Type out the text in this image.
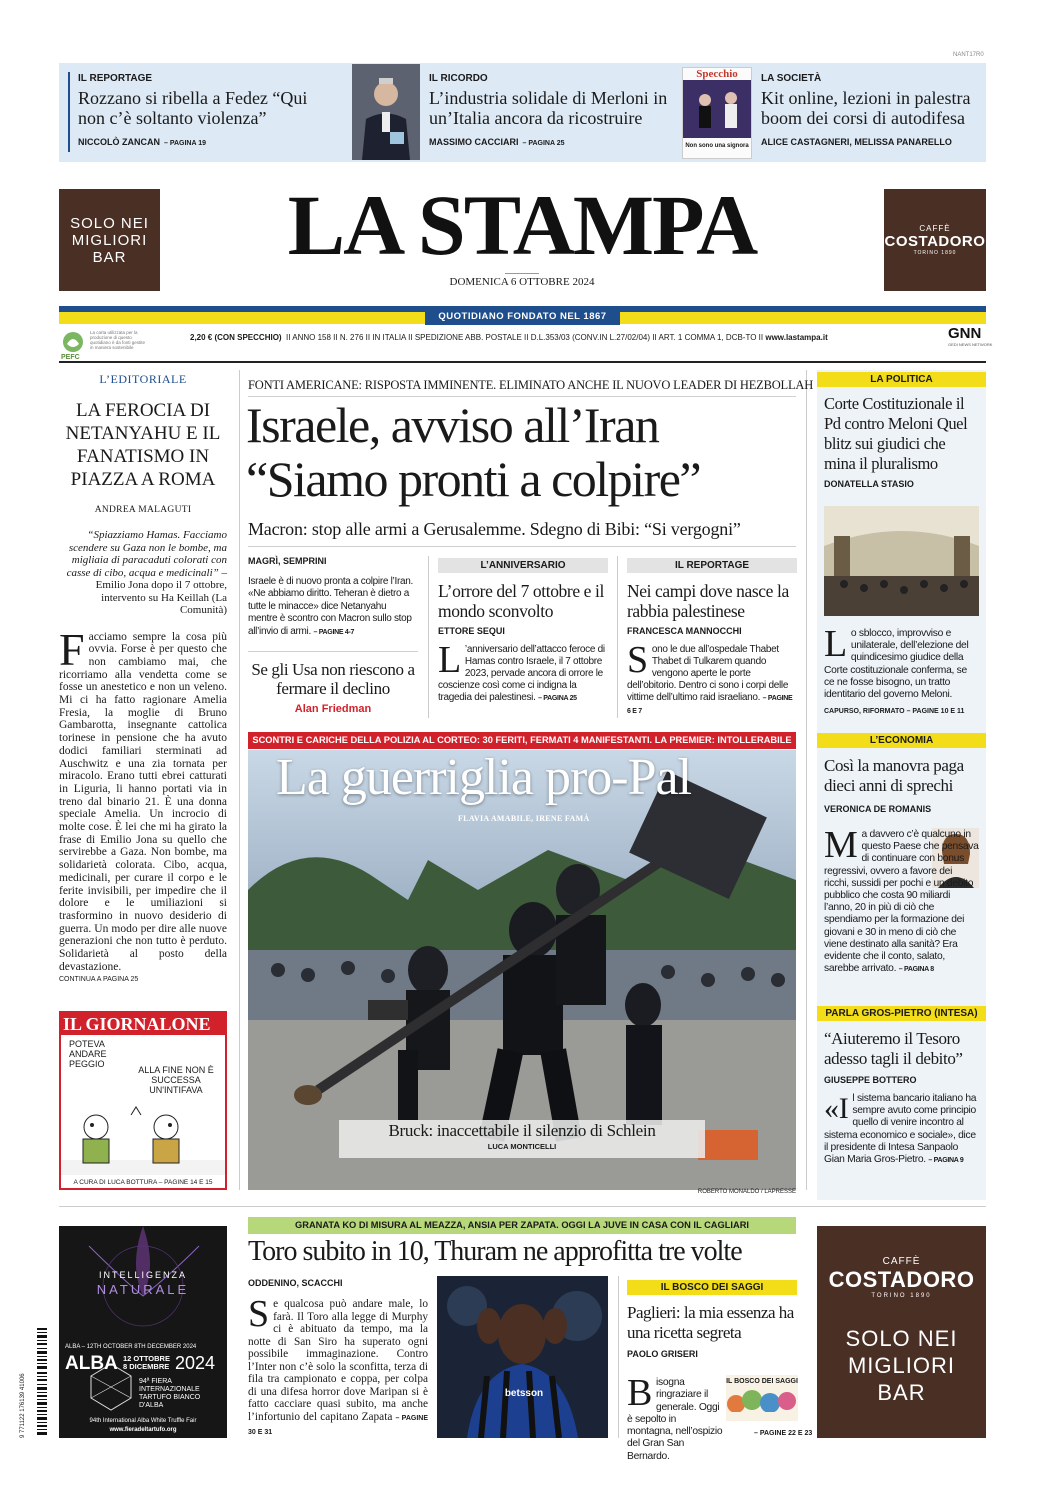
NANT17R0
IL REPORTAGE
Rozzano si ribella a Fedez “Qui non c’è soltanto violenza”
NICCOLÒ ZANCAN – PAGINA 19
IL RICORDO
L’industria solidale di Merloni in un’Italia ancora da ricostruire
MASSIMO CACCIARI – PAGINA 25
Specchio
Non sono una signora
LA SOCIETÀ
Kit online, lezioni in palestra boom dei corsi di autodifesa
ALICE CASTAGNERI, MELISSA PANARELLO
SOLO NEI MIGLIORI BAR
CAFFÈ
COSTADORO
TORINO 1890
LA STAMPA
DOMENICA 6 OTTOBRE 2024
QUOTIDIANO FONDATO NEL 1867
PEFC
La carta utilizzata per la produzione di questo quotidiano è da fonti gestite in maniera sostenibile
2,20 € (CON SPECCHIO) II ANNO 158 II N. 276 II IN ITALIA II SPEDIZIONE ABB. POSTALE II D.L.353/03 (CONV.IN L.27/02/04) II ART. 1 COMMA 1, DCB-TO II www.lastampa.it	GNN
GEDI NEWS NETWORK
L’EDITORIALE
LA FEROCIA DI NETANYAHU E IL FANATISMO IN PIAZZA A ROMA
ANDREA MALAGUTI
“Spiazziamo Hamas. Facciamo scendere su Gaza non le bombe, ma migliaia di paracaduti colorati con casse di cibo, acqua e medicinali” –
Emilio Jona dopo il 7 ottobre, intervento su Ha Keillah (La Comunità)
Facciamo sempre la cosa più ovvia. Forse è per questo che non cambiamo mai, che ricorriamo alla vendetta come se fosse un anestetico e non un veleno. Mi ci ha fatto ragionare Amelia Fresia, la moglie di Bruno Gambarotta, insegnante cattolica torinese in pensione che ha avuto dodici familiari sterminati ad Auschwitz e una zia tornata per miracolo. Erano tutti ebrei catturati in Liguria, li hanno portati via in treno dal binario 21. È una donna speciale Amelia. Un incrocio di molte cose. È lei che mi ha girato la frase di Emilio Jona su quello che servirebbe a Gaza. Non bombe, ma solidarietà colorata. Cibo, acqua, medicinali, per curare il corpo e le ferite invisibili, per impedire che il dolore e le umiliazioni si trasformino in nuovo desiderio di guerra. Un modo per dire alle nuove generazioni che non tutto è perduto. Solidarietà al posto della devastazione.
CONTINUA A PAGINA 25
IL GIORNALONE
POTEVA ANDARE PEGGIO
ALLA FINE NON È SUCCESSA UN'INTIFAVA
A CURA DI LUCA BOTTURA – PAGINE 14 E 15
FONTI AMERICANE: RISPOSTA IMMINENTE. ELIMINATO ANCHE IL NUOVO LEADER DI HEZBOLLAH
Israele, avviso all’Iran
“Siamo pronti a colpire”
Macron: stop alle armi a Gerusalemme. Sdegno di Bibi: “Si vergogni”
MAGRÌ, SEMPRINI
Israele è di nuovo pronta a colpire l’Iran. «Ne abbiamo diritto. Teheran è dietro a tutte le minacce» dice Netanyahu mentre è scontro con Macron sullo stop all’invio di armi. – PAGINE 4-7
Se gli Usa non riescono a fermare il declino
Alan Friedman
L’ANNIVERSARIO
L’orrore del 7 ottobre e il mondo sconvolto
ETTORE SEQUI
L ’anniversario dell’attacco feroce di Hamas contro Israele, il 7 ottobre 2023, pervade ancora di orrore le coscienze così come ci indigna la tragedia dei palestinesi. – PAGINA 25
IL REPORTAGE
Nei campi dove nasce la rabbia palestinese
FRANCESCA MANNOCCHI
Sono le due all’ospedale Thabet Thabet di Tulkarem quando vengono aperte le porte dell’obitorio. Dentro ci sono i corpi delle vittime dell’ultimo raid israeliano. – PAGINE 6 E 7
SCONTRI E CARICHE DELLA POLIZIA AL CORTEO: 30 FERITI, FERMATI 4 MANIFESTANTI. LA PREMIER: INTOLLERABILE
La guerriglia pro-Pal
FLAVIA AMABILE, IRENE FAMÀ
Bruck: inaccettabile il silenzio di Schlein
LUCA MONTICELLI
ROBERTO MONALDO / LAPRESSE
LA POLITICA
Corte Costituzionale il Pd contro Meloni Quel blitz sui giudici che mina il pluralismo
DONATELLA STASIO
Lo sblocco, improvviso e unilaterale, dell’elezione del quindicesimo giudice della Corte costituzionale conferma, se ce ne fosse bisogno, un tratto identitario del governo Meloni.
CAPURSO, RIFORMATO – PAGINE 10 E 11
L’ECONOMIA
Così la manovra paga dieci anni di sprechi
VERONICA DE ROMANIS
Ma davvero c’è qualcuno in questo Paese che pensava di continuare con bonus regressivi, ovvero a favore dei ricchi, sussidi per pochi e un debito pubblico che costa 90 miliardi l’anno, 20 in più di ciò che spendiamo per la formazione dei giovani e 30 in meno di ciò che viene destinato alla sanità? Era evidente che il conto, salato, sarebbe arrivato. – PAGINA 8
PARLA GROS-PIETRO (INTESA)
“Aiuteremo il Tesoro adesso tagli il debito”
GIUSEPPE BOTTERO
«Il sistema bancario italiano ha sempre avuto come principio quello di venire incontro al sistema economico e sociale», dice il presidente di Intesa Sanpaolo Gian Maria Gros-Pietro. – PAGINA 9
INTELLIGENZA
NATURALE
ALBA – 12TH OCTOBER 8TH DECEMBER 2024
ALBA 12 OTTOBRE
8 DICEMBRE 2024
94ª FIERA INTERNAZIONALE TARTUFO BIANCO D'ALBA
94th International Alba White Truffle Fair
www.fieradeltartufo.org
9 771122 176139 41006
GRANATA KO DI MISURA AL MEAZZA, ANSIA PER ZAPATA. OGGI LA JUVE IN CASA CON IL CAGLIARI
Toro subito in 10, Thuram ne approfitta tre volte
ODDENINO, SCACCHI
Se qualcosa può andare male, lo farà. Il Toro alla legge di Murphy ci è abituato da tempo, ma la notte di San Siro ha superato ogni possibile immaginazione. Contro l’Inter non c’è solo la sconfitta, terza di fila tra campionato e coppa, per colpa di una difesa horror dove Maripan si è fatto cacciare quasi subito, ma anche l’infortunio del capitano Zapata – PAGINE 30 E 31
betsson
IL BOSCO DEI SAGGI
Paglieri: la mia essenza ha una ricetta segreta
PAOLO GRISERI
IL BOSCO DEI SAGGI
Bisogna ringraziare il generale. Oggi è sepolto in montagna, nell’ospizio del Gran San Bernardo.
– PAGINE 22 E 23
CAFFÈ
COSTADORO
TORINO 1890
SOLO NEI MIGLIORI BAR
